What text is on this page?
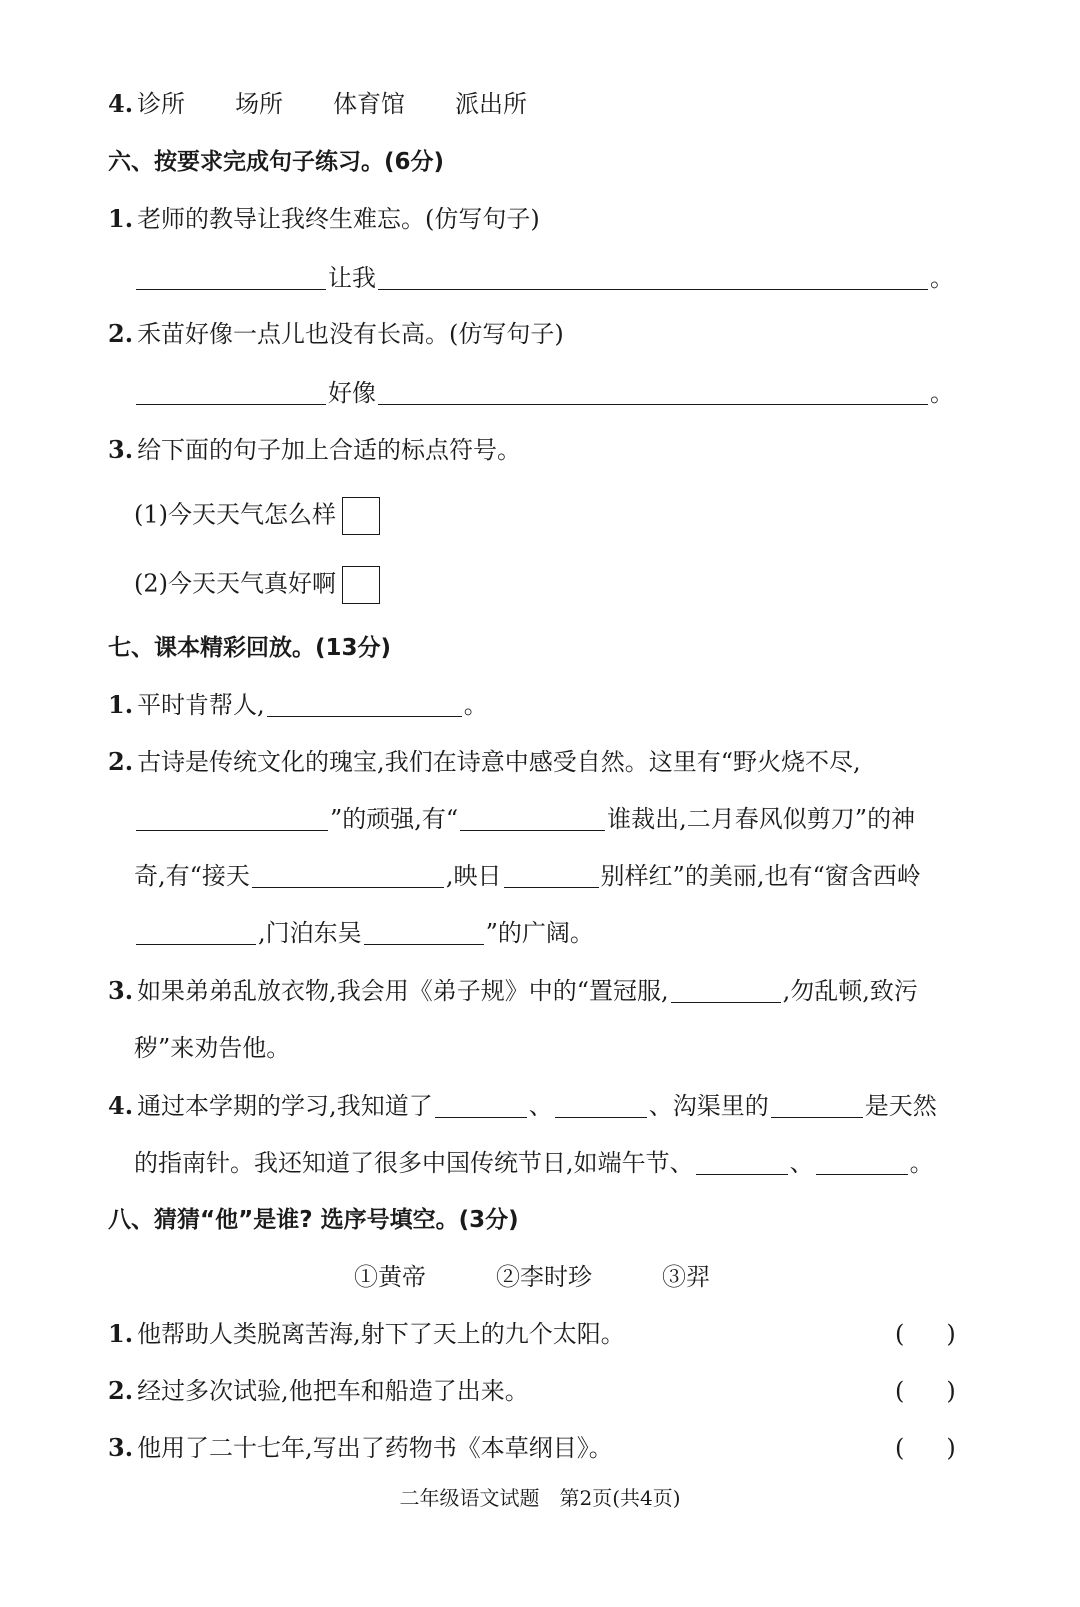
4. 诊所 场所 体育馆 派出所
六、按要求完成句子练习。(6分)
1. 老师的教导让我终生难忘。(仿写句子)
让我	。
2. 禾苗好像一点儿也没有长高。(仿写句子)
好像	。
3. 给下面的句子加上合适的标点符号。
(1)今天天气怎么样
(2)今天天气真好啊
七、课本精彩回放。(13分)
1. 平时肯帮人,	。
2. 古诗是传统文化的瑰宝,我们在诗意中感受自然。这里有“野火烧不尽,
”的顽强,有“	谁裁出,二月春风似剪刀”的神
奇,有“接天	,映日	别样红”的美丽,也有“窗含西岭
,门泊东吴	”的广阔。
3. 如果弟弟乱放衣物,我会用《弟子规》中的“置冠服,	,勿乱顿,致污
秽”来劝告他。
4. 通过本学期的学习,我知道了	、	、沟渠里的	是天然
的指南针。我还知道了很多中国传统节日,如端午节、	、	。
八、猜猜“他”是谁? 选序号填空。(3分)
①黄帝	②李时珍	③羿
1. 他帮助人类脱离苦海,射下了天上的九个太阳。	( )
2. 经过多次试验,他把车和船造了出来。	( )
3. 他用了二十七年,写出了药物书《本草纲目》。	( )
二年级语文试题　第2页(共4页)
